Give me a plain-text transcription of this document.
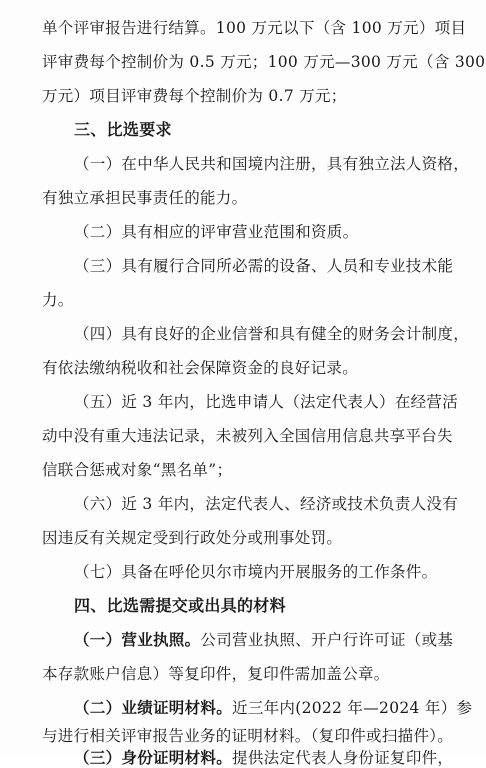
单个评审报告进行结算。100 万元以下（含 100 万元）项目
评审费每个控制价为 0.5 万元；100 万元—300 万元（含 300
万元）项目评审费每个控制价为 0.7 万元；
三、比选要求
（一）在中华人民共和国境内注册，具有独立法人资格，
有独立承担民事责任的能力。
（二）具有相应的评审营业范围和资质。
（三）具有履行合同所必需的设备、人员和专业技术能
力。
（四）具有良好的企业信誉和具有健全的财务会计制度，
有依法缴纳税收和社会保障资金的良好记录。
（五）近 3 年内，比选申请人（法定代表人）在经营活
动中没有重大违法记录，未被列入全国信用信息共享平台失
信联合惩戒对象“黑名单”；
（六）近 3 年内，法定代表人、经济或技术负责人没有
因违反有关规定受到行政处分或刑事处罚。
（七）具备在呼伦贝尔市境内开展服务的工作条件。
四、比选需提交或出具的材料
（一）营业执照。公司营业执照、开户行许可证（或基
本存款账户信息）等复印件，复印件需加盖公章。
（二）业绩证明材料。近三年内(2022 年—2024 年）参
与进行相关评审报告业务的证明材料。（复印件或扫描件）。
（三）身份证明材料。提供法定代表人身份证复印件，
